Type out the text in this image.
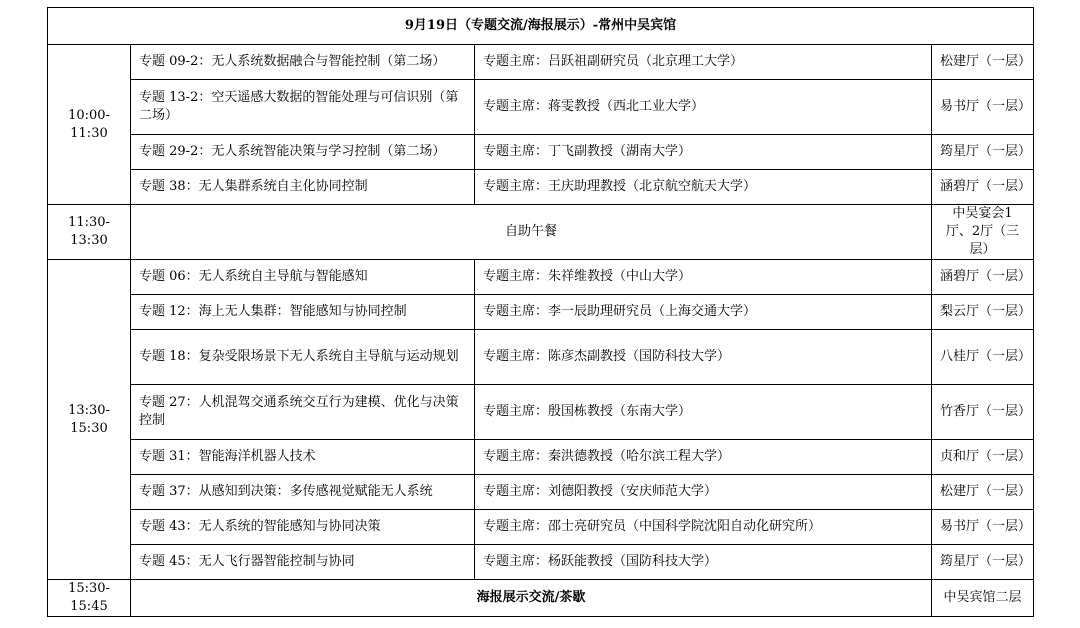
9月19日（专题交流/海报展示）-常州中吴宾馆			
10:00-11:30	专题 09-2：无人系统数据融合与智能控制（第二场）	专题主席：吕跃祖副研究员（北京理工大学）	松建厅（一层）
	专题 13-2：空天遥感大数据的智能处理与可信识别（第二场）	专题主席：蒋雯教授（西北工业大学）	易书厅（一层）
	专题 29-2：无人系统智能决策与学习控制（第二场）	专题主席：丁飞副教授（湖南大学）	筠星厅（一层）
	专题 38：无人集群系统自主化协同控制	专题主席：王庆助理教授（北京航空航天大学）	涵碧厅（一层）
11:30-13:30	自助午餐		中吴宴会1厅、2厅（三层）
13:30-15:30	专题 06：无人系统自主导航与智能感知	专题主席：朱祥维教授（中山大学）	涵碧厅（一层）
	专题 12：海上无人集群：智能感知与协同控制	专题主席：李一辰助理研究员（上海交通大学）	梨云厅（一层）
	专题 18：复杂受限场景下无人系统自主导航与运动规划	专题主席：陈彦杰副教授（国防科技大学）	八桂厅（一层）
	专题 27：人机混驾交通系统交互行为建模、优化与决策控制	专题主席：殷国栋教授（东南大学）	竹香厅（一层）
	专题 31：智能海洋机器人技术	专题主席：秦洪德教授（哈尔滨工程大学）	贞和厅（一层）
	专题 37：从感知到决策：多传感视觉赋能无人系统	专题主席：刘德阳教授（安庆师范大学）	松建厅（一层）
	专题 43：无人系统的智能感知与协同决策	专题主席：邵士亮研究员（中国科学院沈阳自动化研究所）	易书厅（一层）
	专题 45：无人飞行器智能控制与协同	专题主席：杨跃能教授（国防科技大学）	筠星厅（一层）
15:30-15:45	海报展示交流/茶歇		中吴宾馆二层
